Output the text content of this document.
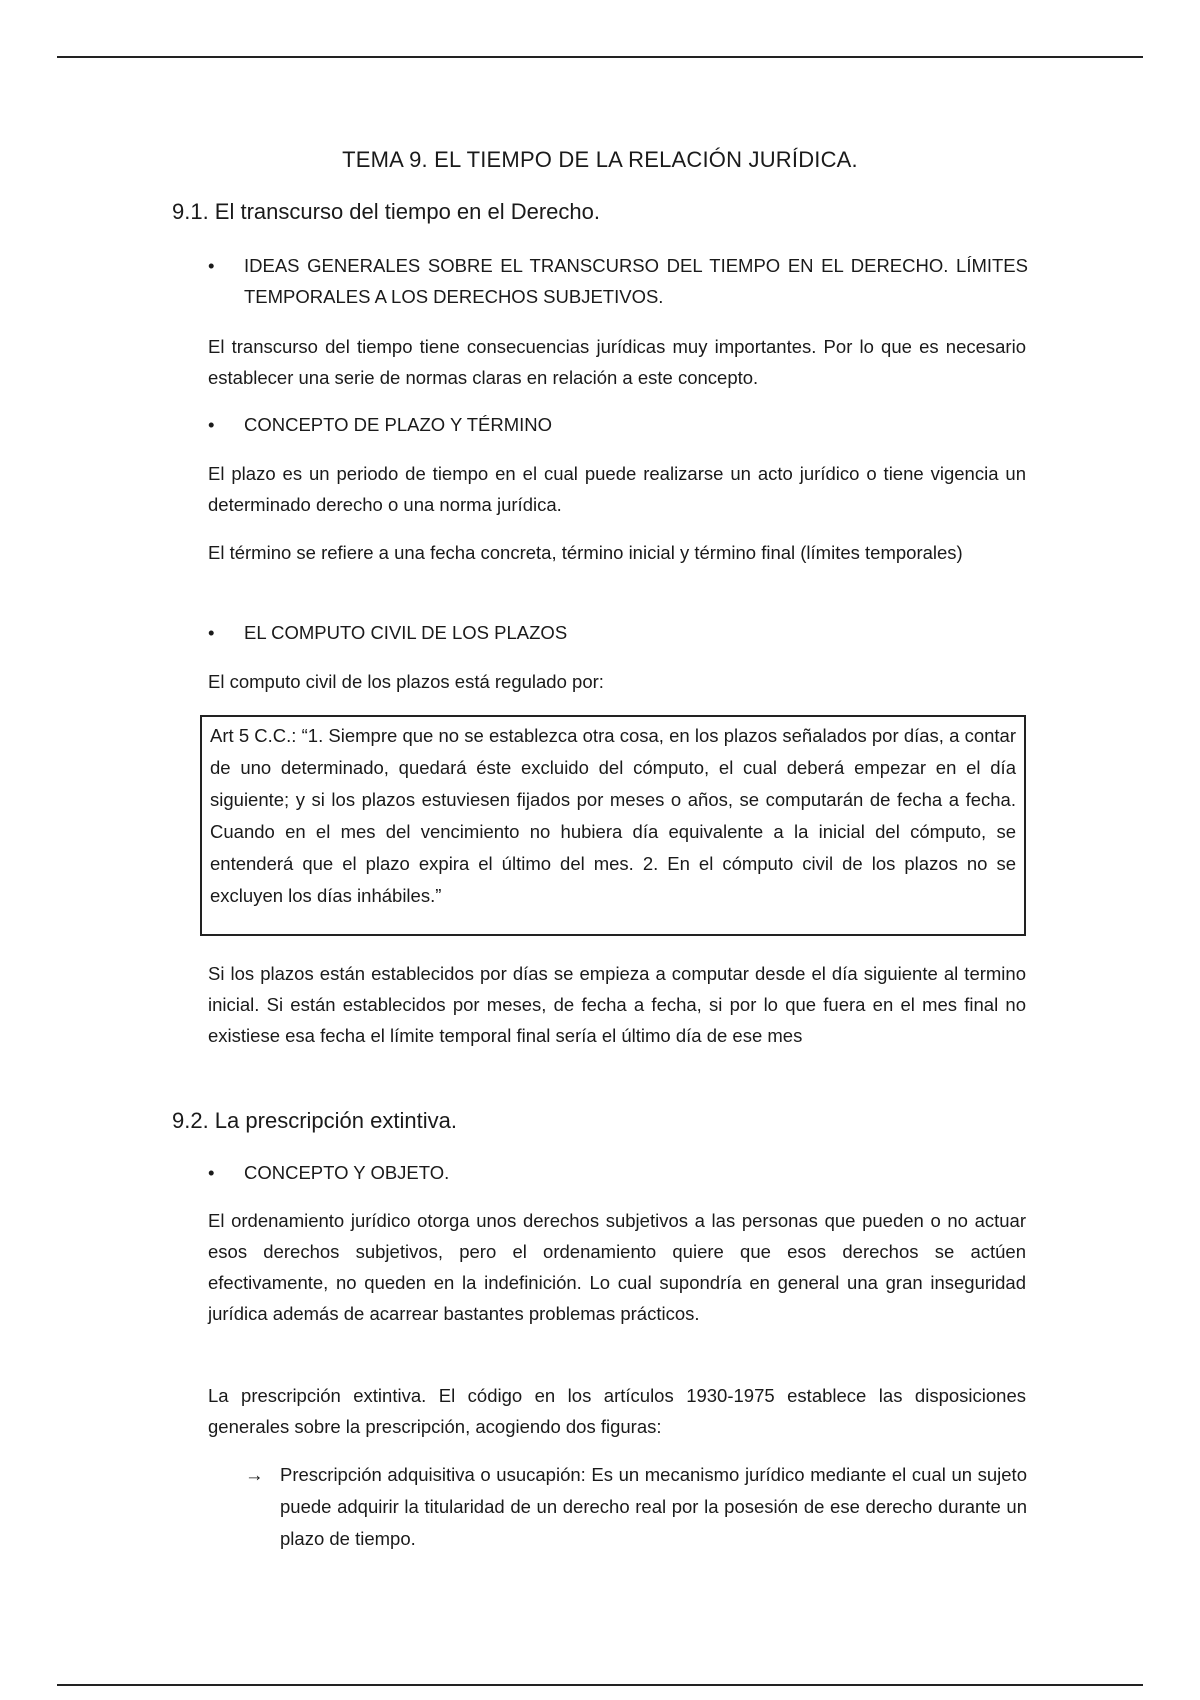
TEMA 9. EL TIEMPO DE LA RELACIÓN JURÍDICA.
9.1. El transcurso del tiempo en el Derecho.
•	IDEAS GENERALES SOBRE EL TRANSCURSO DEL TIEMPO EN EL DERECHO. LÍMITES TEMPORALES A LOS DERECHOS SUBJETIVOS.
El transcurso del tiempo tiene consecuencias jurídicas muy importantes. Por lo que es necesario establecer una serie de normas claras en relación a este concepto.
•	CONCEPTO DE PLAZO Y TÉRMINO
El plazo es un periodo de tiempo en el cual puede realizarse un acto jurídico o tiene vigencia un determinado derecho o una norma jurídica.
El término se refiere a una fecha concreta, término inicial y término final (límites temporales)
•	EL COMPUTO CIVIL DE LOS PLAZOS
El computo civil de los plazos está regulado por:
Art 5 C.C.: “1. Siempre que no se establezca otra cosa, en los plazos señalados por días, a contar de uno determinado, quedará éste excluido del cómputo, el cual deberá empezar en el día siguiente; y si los plazos estuviesen fijados por meses o años, se computarán de fecha a fecha. Cuando en el mes del vencimiento no hubiera día equivalente a la inicial del cómputo, se entenderá que el plazo expira el último del mes. 2. En el cómputo civil de los plazos no se excluyen los días inhábiles.”
Si los plazos están establecidos por días se empieza a computar desde el día siguiente al termino inicial. Si están establecidos por meses, de fecha a fecha, si por lo que fuera en el mes final no existiese esa fecha el límite temporal final sería el último día de ese mes
9.2. La prescripción extintiva.
•	CONCEPTO Y OBJETO.
El ordenamiento jurídico otorga unos derechos subjetivos a las personas que pueden o no actuar esos derechos subjetivos, pero el ordenamiento quiere que esos derechos se actúen efectivamente, no queden en la indefinición. Lo cual supondría en general una gran inseguridad jurídica además de acarrear bastantes problemas prácticos.
La prescripción extintiva. El código en los artículos 1930-1975 establece las disposiciones generales sobre la prescripción, acogiendo dos figuras:
→ Prescripción adquisitiva o usucapión: Es un mecanismo jurídico mediante el cual un sujeto puede adquirir la titularidad de un derecho real por la posesión de ese derecho durante un plazo de tiempo.
